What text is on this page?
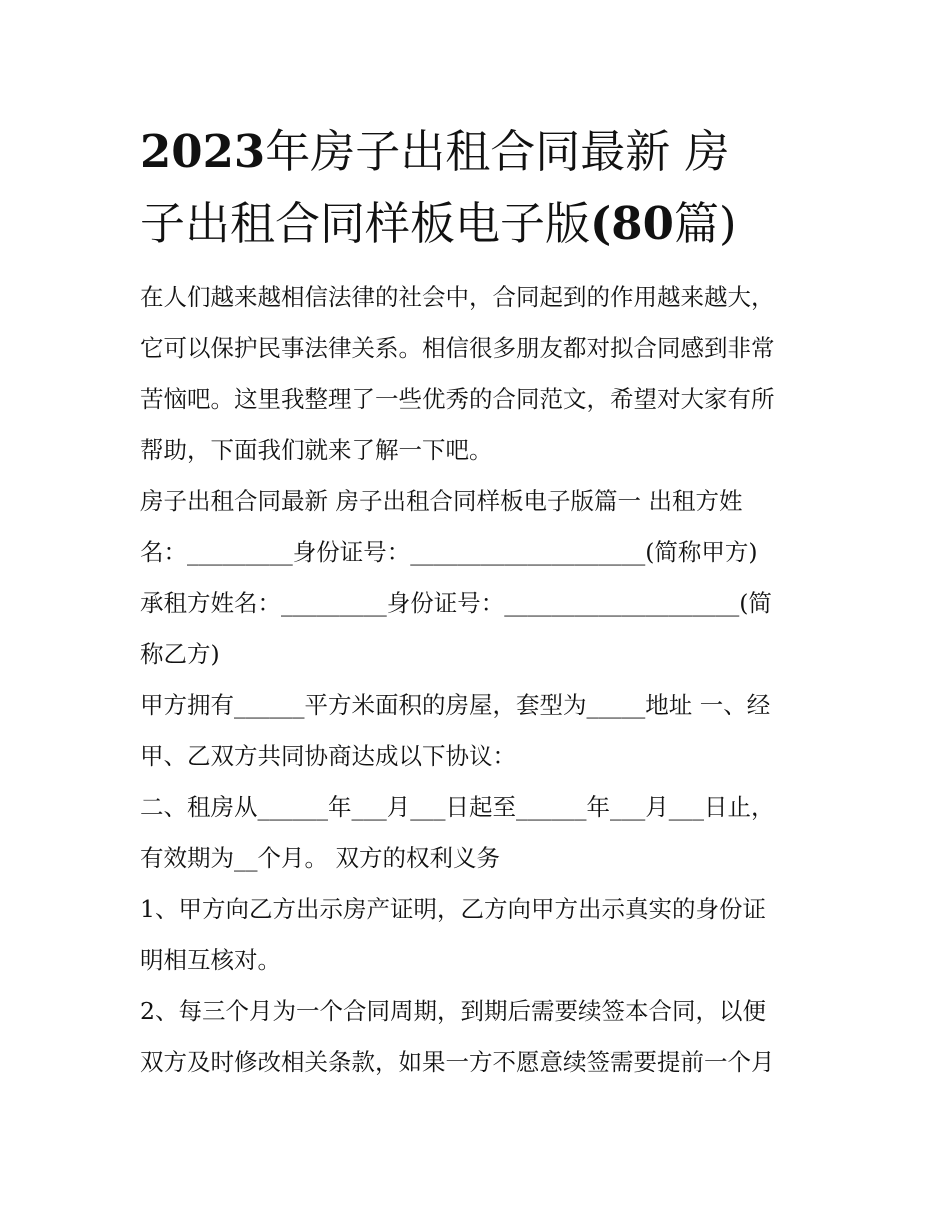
2023年房子出租合同最新 房
子出租合同样板电子版(80篇)
在人们越来越相信法律的社会中，合同起到的作用越来越大，
它可以保护民事法律关系。相信很多朋友都对拟合同感到非常
苦恼吧。这里我整理了一些优秀的合同范文，希望对大家有所
帮助，下面我们就来了解一下吧。
房子出租合同最新 房子出租合同样板电子版篇一 出租方姓
名：_________身份证号：____________________(简称甲方)
承租方姓名：_________身份证号：____________________(简
称乙方)
甲方拥有______平方米面积的房屋，套型为_____地址 一、经
甲、乙双方共同协商达成以下协议：
二、租房从______年___月___日起至______年___月___日止，
有效期为__个月。 双方的权利义务
1、甲方向乙方出示房产证明，乙方向甲方出示真实的身份证
明相互核对。
2、每三个月为一个合同周期，到期后需要续签本合同，以便
双方及时修改相关条款，如果一方不愿意续签需要提前一个月
